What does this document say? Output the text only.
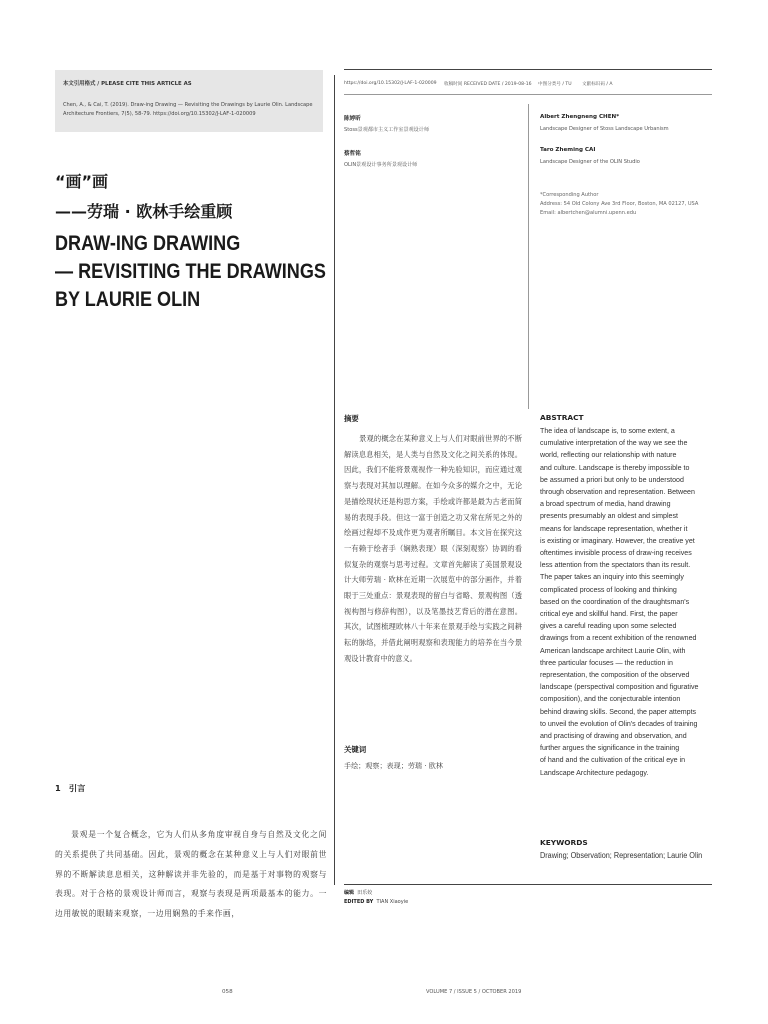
本文引用格式 / PLEASE CITE THIS ARTICLE AS
Chen, A., & Cai, T. (2019). Draw-ing Drawing — Revisiting the Drawings by Laurie Olin. Landscape Architecture Frontiers, 7(5), 58-79. https://doi.org/10.15302/J-LAF-1-020009
“画”画
——劳瑞 · 欧林手绘重顾
DRAW-ING DRAWING
— REVISITING THE DRAWINGS
BY LAURIE OLIN
https://doi.org/10.15302/J-LAF-1-020009 收稿时间 RECEIVED DATE / 2019-08-16 中图分类号 / TU 文献标识码 / A
陈婷昕
Stoss景观都市主义工作室景观设计师
蔡哲铭
OLIN景观设计事务所景观设计师
Albert Zhengneng CHEN*
Landscape Designer of Stoss Landscape Urbanism
Taro Zheming CAI
Landscape Designer of the OLIN Studio
*Corresponding Author
Address: 54 Old Colony Ave 3rd Floor, Boston, MA 02127, USA
Email: albertchen@alumni.upenn.edu
摘要
景观的概念在某种意义上与人们对眼前世界的不断解读息息相关，是人类与自然及文化之间关系的体现。因此，我们不能将景观视作一种先验知识，而应通过观察与表现对其加以理解。在如今众多的媒介之中，无论是描绘现状还是构思方案，手绘或许都是最为古老而简易的表现手段。但这一富于创造之功又常在所见之外的绘画过程却不及成作更为观者所瞩目。本文旨在探究这一有赖于绘者手（娴熟表现）眼（深刻观察）协调的看似复杂的观察与思考过程。文章首先解读了美国景观设计大师劳瑞 · 欧林在近期一次展览中的部分画作，并着眼于三处重点：景观表现的留白与省略、景观构图（透视构图与修辞构图），以及笔墨技艺背后的潜在意图。其次，试图梳理欧林八十年来在景观手绘与实践之间耕耘的脉络，并借此阐明观察和表现能力的培养在当今景观设计教育中的意义。
ABSTRACT

The idea of landscape is, to some extent, a

cumulative interpretation of the way we see the

world, reflecting our relationship with nature

and culture. Landscape is thereby impossible to

be assumed a priori but only to be understood

through observation and representation. Between

a broad spectrum of media, hand drawing

presents presumably an oldest and simplest

means for landscape representation, whether it

is existing or imaginary. However, the creative yet

oftentimes invisible process of draw-ing receives

less attention from the spectators than its result.

The paper takes an inquiry into this seemingly

complicated process of looking and thinking

based on the coordination of the draughtsman's

critical eye and skillful hand. First, the paper

gives a careful reading upon some selected

drawings from a recent exhibition of the renowned

American landscape architect Laurie Olin, with

three particular focuses — the reduction in

representation, the composition of the observed

landscape (perspectival composition and figurative

composition), and the conjecturable intention

behind drawing skills. Second, the paper attempts

to unveil the evolution of Olin's decades of training

and practising of drawing and observation, and

further argues the significance in the training

of hand and the cultivation of the critical eye in

Landscape Architecture pedagogy.

关键词
手绘；观察；表现；劳瑞 · 欧林
KEYWORDS
Drawing; Observation; Representation; Laurie Olin
1　引言
景观是一个复合概念，它为人们从多角度审视自身与自然及文化之间的关系提供了共同基础。因此，景观的概念在某种意义上与人们对眼前世界的不断解读息息相关，这种解读并非先验的，而是基于对事物的观察与表现。对于合格的景观设计师而言，观察与表现是两项最基本的能力。一边用敏锐的眼睛来观察，一边用娴熟的手来作画，
编辑 田乐姣
EDITED BY TIAN Xiaoyie
058	VOLUME 7 / ISSUE 5 / OCTOBER 2019
